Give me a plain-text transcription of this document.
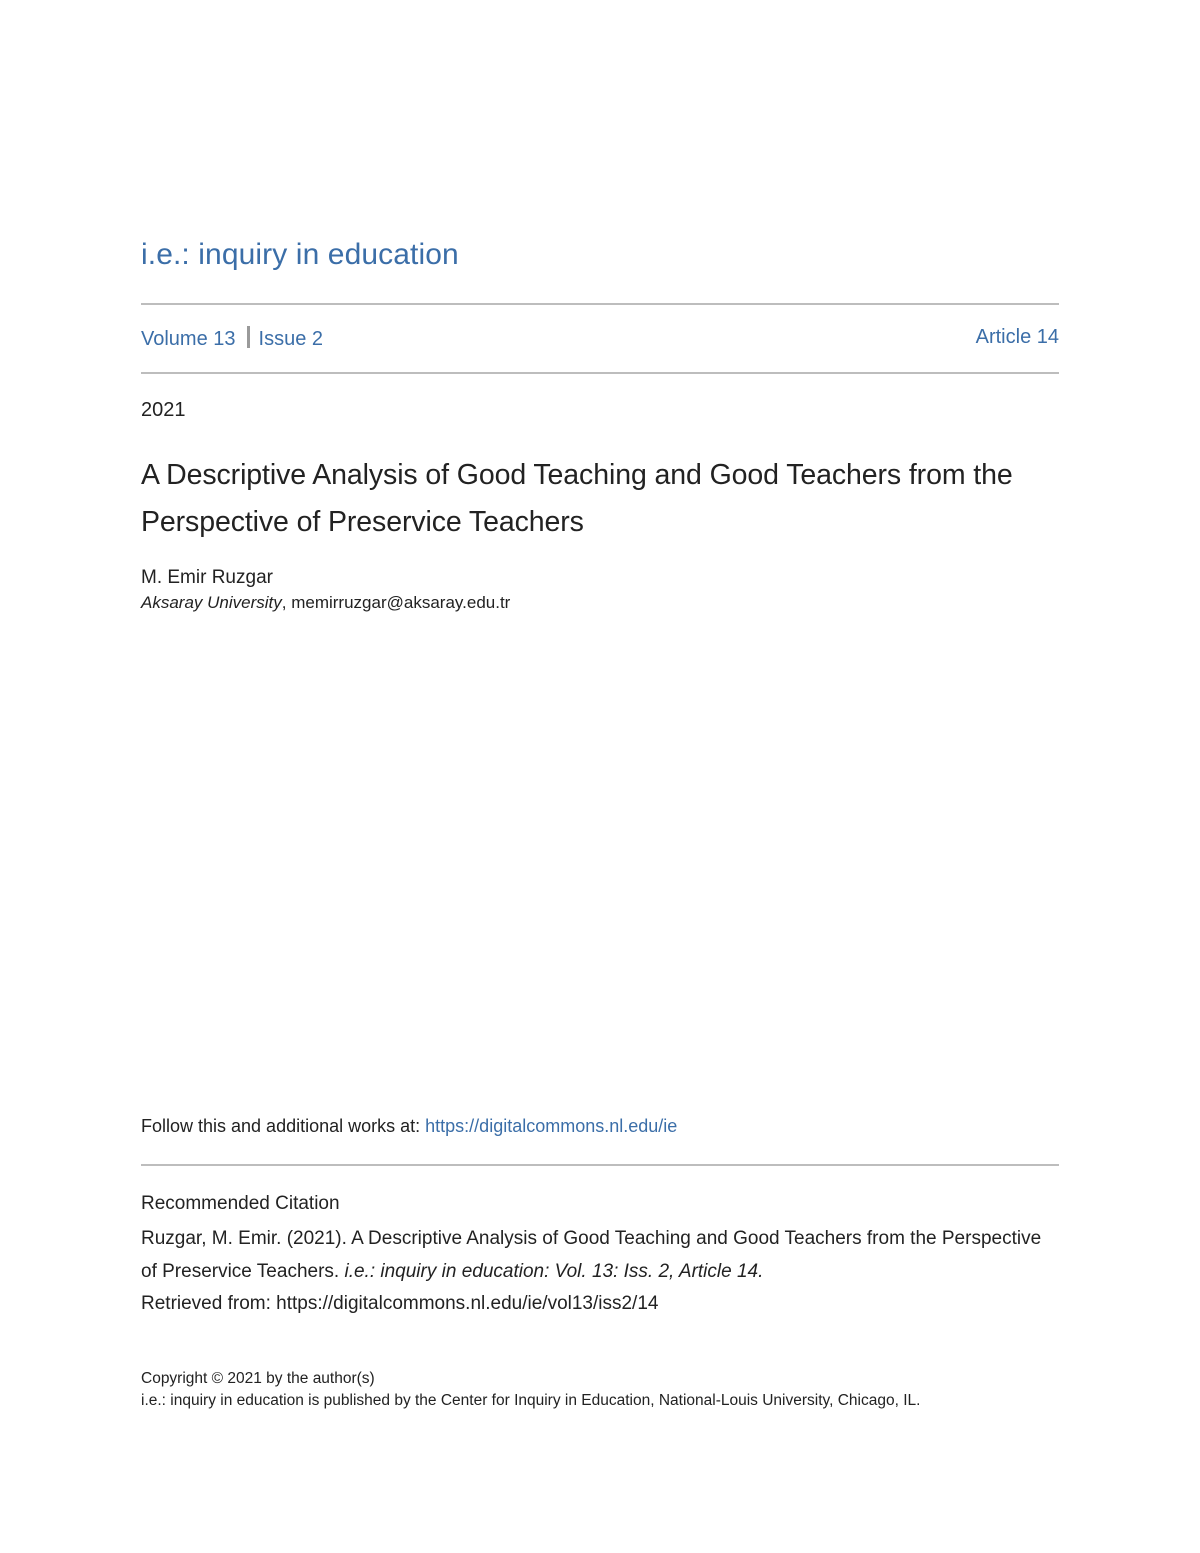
i.e.: inquiry in education
Volume 13 Issue 2	Article 14
2021
A Descriptive Analysis of Good Teaching and Good Teachers from the Perspective of Preservice Teachers
M. Emir Ruzgar
Aksaray University, memirruzgar@aksaray.edu.tr
Follow this and additional works at: https://digitalcommons.nl.edu/ie
Recommended Citation
Ruzgar, M. Emir. (2021). A Descriptive Analysis of Good Teaching and Good Teachers from the Perspective of Preservice Teachers. i.e.: inquiry in education: Vol. 13: Iss. 2, Article 14.
Retrieved from: https://digitalcommons.nl.edu/ie/vol13/iss2/14
Copyright © 2021 by the author(s)
i.e.: inquiry in education is published by the Center for Inquiry in Education, National-Louis University, Chicago, IL.
